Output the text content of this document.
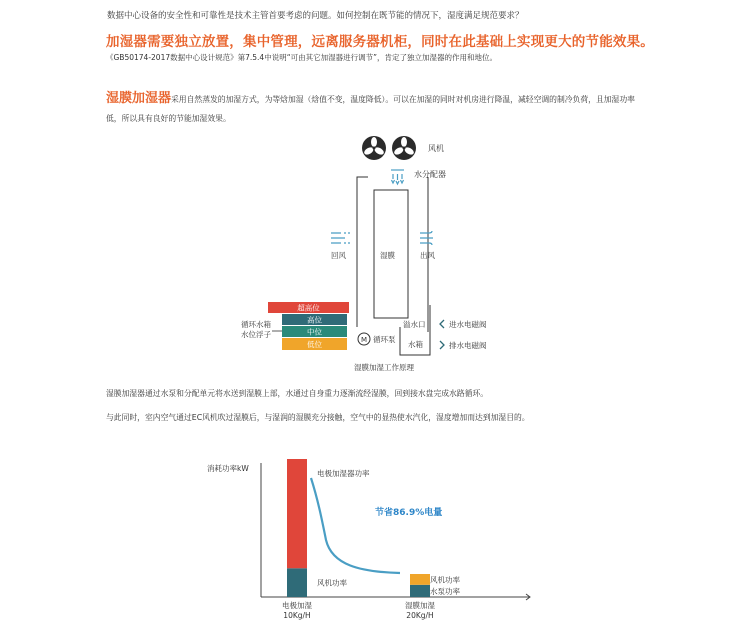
数据中心设备的安全性和可靠性是技术主管首要考虑的问题。如何控制在既节能的情况下，湿度满足规范要求？
加湿器需要独立放置，集中管理，远离服务器机柜，同时在此基础上实现更大的节能效果。
《GB50174-2017数据中心设计规范》第7.5.4中说明“可由其它加湿器进行调节”，肯定了独立加湿器的作用和地位。
湿膜加湿器采用自然蒸发的加湿方式，为等焓加湿（焓值不变，温度降低）。可以在加湿的同时对机房进行降温，减轻空调的制冷负荷，且加湿功率低，所以具有良好的节能加湿效果。
风机
水分配器
湿膜
回风	出风
超高位
高位
中位
低位
循环水箱
水位浮子
M 循环泵
溢水口
水箱
进水电磁阀
排水电磁阀
湿膜加湿工作原理
湿膜加湿器通过水泵和分配单元将水送到湿膜上部，水通过自身重力逐渐流经湿膜，回到接水盘完成水路循环。
与此同时，室内空气通过EC风机吹过湿膜后，与湿润的湿膜充分接触，空气中的显热使水汽化，湿度增加而达到加湿目的。
消耗功率kW
节省86.9%电量
风机功率
电极加湿器功率
电极加湿
10Kg/H
水泵功率
风机功率
湿膜加湿
20Kg/H
